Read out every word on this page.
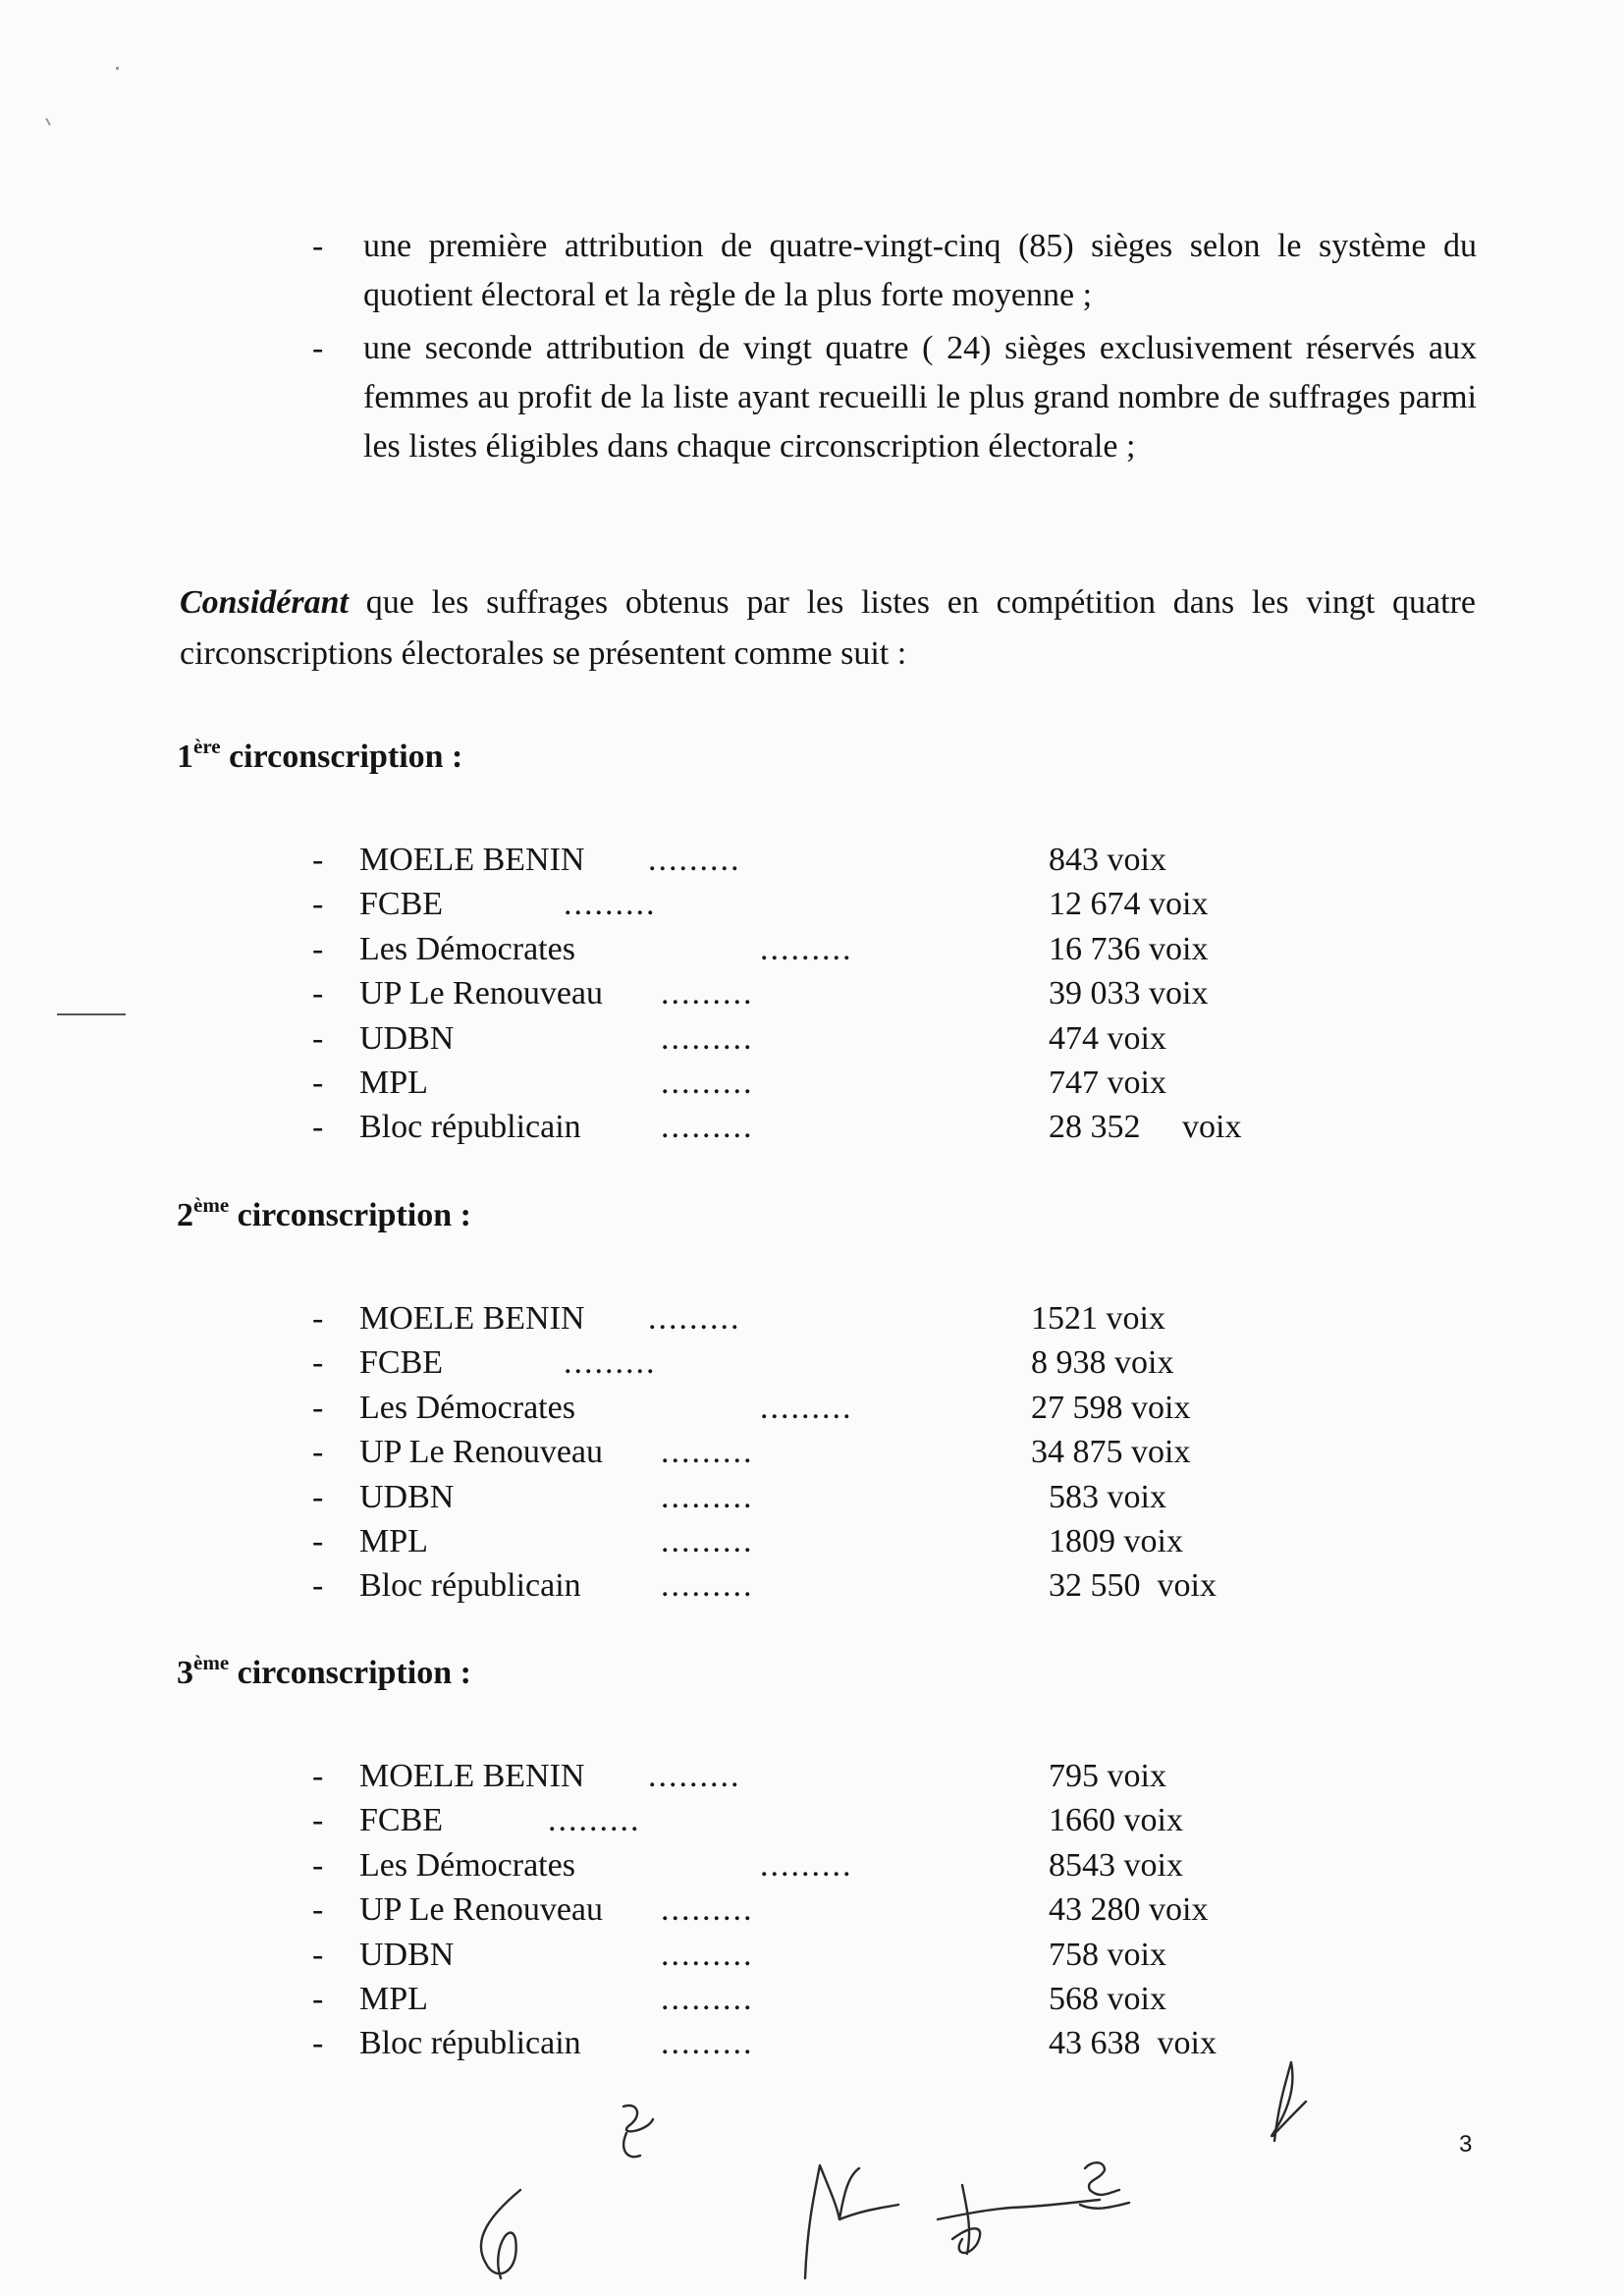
- une première attribution de quatre-vingt-cinq (85) sièges selon le système du quotient électoral et la règle de la plus forte moyenne ;
- une seconde attribution de vingt quatre ( 24) sièges exclusivement réservés aux femmes au profit de la liste ayant recueilli le plus grand nombre de suffrages parmi les listes éligibles dans chaque circonscription électorale ;

Considérant que les suffrages obtenus par les listes en compétition dans les vingt quatre circonscriptions électorales se présentent comme suit :

1ère circonscription :
- MOELE BENIN .........	843 voix
- FCBE	.........	12 674 voix
- Les Démocrates	.........	16 736 voix
- UP Le Renouveau .........	39 033 voix
- UDBN	.........	474 voix
- MPL	.........	747 voix
- Bloc républicain .........	28 352     voix
2ème circonscription :
- MOELE BENIN .........	1521 voix
- FCBE	.........	8 938 voix
- Les Démocrates	.........	27 598 voix
- UP Le Renouveau .........	34 875 voix
- UDBN	.........	583 voix
- MPL	.........	1809 voix
- Bloc républicain .........	32 550  voix
3ème circonscription :
- MOELE BENIN .........	795 voix
- FCBE	.........	1660 voix
- Les Démocrates	.........	8543 voix
- UP Le Renouveau .........	43 280 voix
- UDBN	.........	758 voix
- MPL	.........	568 voix
- Bloc républicain .........	43 638  voix
3
